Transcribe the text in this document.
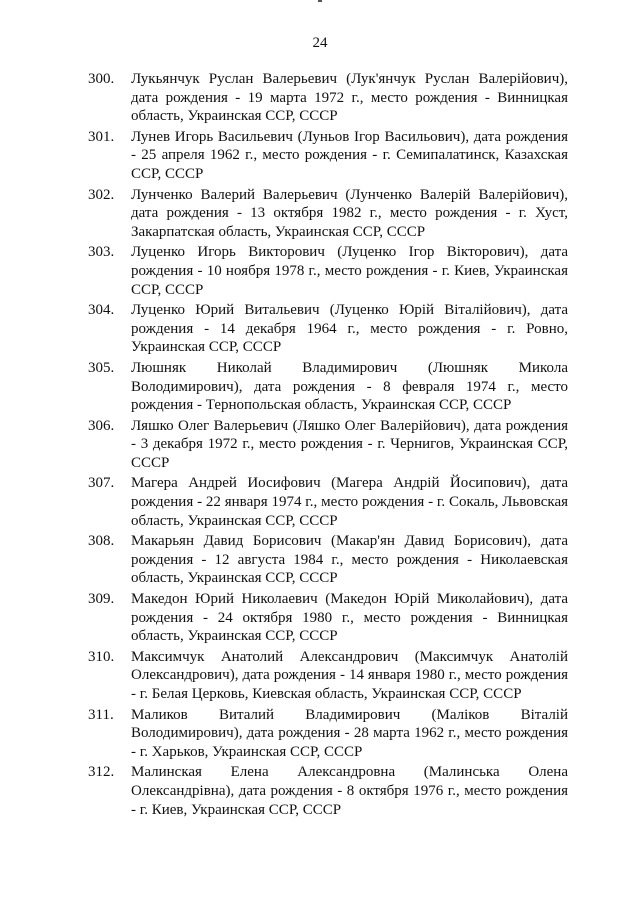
24
300. Лукьянчук Руслан Валерьевич (Лук'янчук Руслан Валерійович), дата рождения - 19 марта 1972 г., место рождения - Винницкая область, Украинская ССР, СССР
301. Лунев Игорь Васильевич (Луньов Ігор Васильович), дата рождения - 25 апреля 1962 г., место рождения - г. Семипалатинск, Казахская ССР, СССР
302. Лунченко Валерий Валерьевич (Лунченко Валерій Валерійович), дата рождения - 13 октября 1982 г., место рождения - г. Хуст, Закарпатская область, Украинская ССР, СССР
303. Луценко Игорь Викторович (Луценко Ігор Вікторович), дата рождения - 10 ноября 1978 г., место рождения - г. Киев, Украинская ССР, СССР
304. Луценко Юрий Витальевич (Луценко Юрій Віталійович), дата рождения - 14 декабря 1964 г., место рождения - г. Ровно, Украинская ССР, СССР
305. Люшняк Николай Владимирович (Люшняк Микола Володимирович), дата рождения - 8 февраля 1974 г., место рождения - Тернопольская область, Украинская ССР, СССР
306. Ляшко Олег Валерьевич (Ляшко Олег Валерійович), дата рождения - 3 декабря 1972 г., место рождения - г. Чернигов, Украинская ССР, СССР
307. Магера Андрей Иосифович (Магера Андрій Йосипович), дата рождения - 22 января 1974 г., место рождения - г. Сокаль, Львовская область, Украинская ССР, СССР
308. Макарьян Давид Борисович (Макар'ян Давид Борисович), дата рождения - 12 августа 1984 г., место рождения - Николаевская область, Украинская ССР, СССР
309. Македон Юрий Николаевич (Македон Юрій Миколайович), дата рождения - 24 октября 1980 г., место рождения - Винницкая область, Украинская ССР, СССР
310. Максимчук Анатолий Александрович (Максимчук Анатолій Олександрович), дата рождения - 14 января 1980 г., место рождения - г. Белая Церковь, Киевская область, Украинская ССР, СССР
311. Маликов Виталий Владимирович (Маліков Віталій Володимирович), дата рождения - 28 марта 1962 г., место рождения - г. Харьков, Украинская ССР, СССР
312. Малинская Елена Александровна (Малинська Олена Олександрівна), дата рождения - 8 октября 1976 г., место рождения - г. Киев, Украинская ССР, СССР
